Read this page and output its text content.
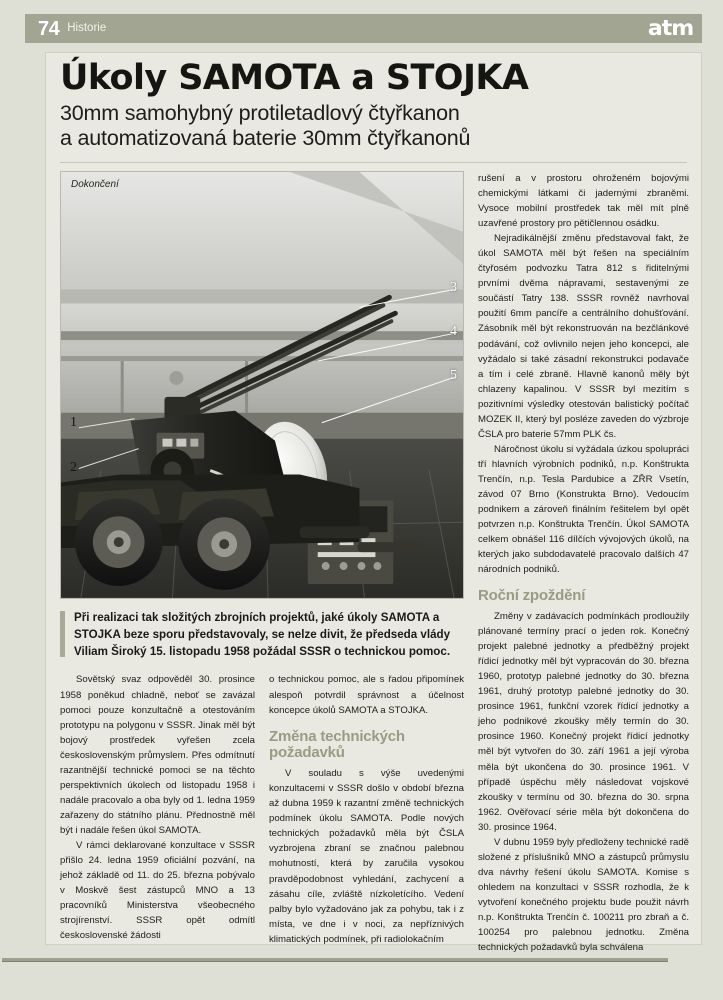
74 Historie	atm
Úkoly SAMOTA a STOJKA
30mm samohybný protiletadlový čtyřkanon
a automatizovaná baterie 30mm čtyřkanonů
Dokončení
1
2
3
4
5
Při realizaci tak složitých zbrojních projektů, jaké úkoly SAMOTA a STOJKA beze sporu představovaly, se nelze divit, že předseda vlády Viliam Široký 15. listopadu 1958 požádal SSSR o technickou pomoc.

Sovětský svaz odpověděl 30. prosince 1958 poněkud chladně, neboť se zavázal pomoci pouze konzultačně a otestováním prototypu na polygonu v SSSR. Jinak měl být bojový prostředek vyřešen zcela československým průmyslem. Přes odmítnutí razantnější technické pomoci se na těchto perspektivních úkolech od listopadu 1958 i nadále pracovalo a oba byly od 1. ledna 1959 zařazeny do státního plánu. Přednostně měl být i nadále řešen úkol SAMOTA.

V rámci deklarované konzultace v SSSR přišlo 24. ledna 1959 oficiální pozvání, na jehož základě od 11. do 25. března pobývalo v Moskvě šest zástupců MNO a 13 pracovníků Ministerstva všeobecného strojírenství. SSSR opět odmítl československé žádosti

o technickou pomoc, ale s řadou připomínek alespoň potvrdil správnost a účelnost koncepce úkolů SAMOTA a STOJKA.

Změna technických požadavků

V souladu s výše uvedenými konzultacemi v SSSR došlo v období března až dubna 1959 k razantní změně technických podmínek úkolu SAMOTA. Podle nových technických požadavků měla být ČSLA vyzbrojena zbraní se značnou palebnou mohutností, která by zaručila vysokou pravděpodobnost vyhledání, zachycení a zásahu cíle, zvláště nízkoletícího. Vedení palby bylo vyžadováno jak za pohybu, tak i z místa, ve dne i v noci, za nepříznivých klimatických podmínek, při radiolokačním

rušení a v prostoru ohroženém bojovými chemickými látkami či jadernými zbraněmi. Vysoce mobilní prostředek tak měl mít plně uzavřené prostory pro pětičlennou osádku.

Nejradikálnější změnu představoval fakt, že úkol SAMOTA měl být řešen na speciálním čtyřosém podvozku Tatra 812 s řiditelnými prvními dvěma nápravami, sestavenými ze součástí Tatry 138. SSSR rovněž navrhoval použití 6mm pancíře a centrálního dohušťování. Zásobník měl být rekonstruován na bezčlánkové podávání, což ovlivnilo nejen jeho koncepci, ale vyžádalo si také zásadní rekonstrukci podavače a tím i celé zbraně. Hlavně kanonů měly být chlazeny kapalinou. V SSSR byl mezitím s pozitivními výsledky otestován balistický počítač MOZEK II, který byl posléze zaveden do výzbroje ČSLA pro baterie 57mm PLK čs.

Náročnost úkolu si vyžádala úzkou spolupráci tří hlavních výrobních podniků, n.p. Konštrukta Trenčín, n.p. Tesla Pardubice a ZŘR Vsetín, závod 07 Brno (Konstrukta Brno). Vedoucím podnikem a zároveň finálním řešitelem byl opět potvrzen n.p. Konštrukta Trenčín. Úkol SAMOTA celkem obnášel 116 dílčích vývojových úkolů, na kterých jako subdodavatelé pracovalo dalších 47 národních podniků.

Roční zpoždění

Změny v zadávacích podmínkách prodloužily plánované termíny prací o jeden rok. Konečný projekt palebné jednotky a předběžný projekt řídicí jednotky měl být vypracován do 30. března 1960, prototyp palebné jednotky do 30. března 1961, druhý prototyp palebné jednotky do 30. prosince 1961, funkční vzorek řídicí jednotky a jeho podnikové zkoušky měly termín do 30. prosince 1960. Konečný projekt řídicí jednotky měl být vytvořen do 30. září 1961 a její výroba měla být ukončena do 30. prosince 1961. V případě úspěchu měly následovat vojskové zkoušky v termínu od 30. března do 30. srpna 1962. Ověřovací série měla být dokončena do 30. prosince 1964.

V dubnu 1959 byly předloženy technické radě složené z příslušníků MNO a zástupců průmyslu dva návrhy řešení úkolu SAMOTA. Komise s ohledem na konzultaci v SSSR rozhodla, že k vytvoření konečného projektu bude použit návrh n.p. Konštrukta Trenčín č. 100211 pro zbraň a č. 100254 pro palebnou jednotku. Změna technických požadavků byla schválena
